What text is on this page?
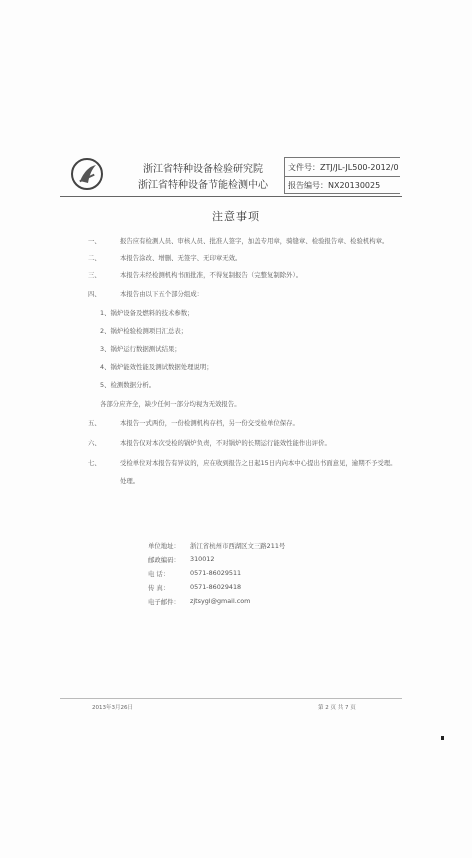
浙江省特种设备检验研究院
浙江省特种设备节能检测中心
文件号：ZTJ/JL-JL500-2012/0
报告编号：NX20130025
注意事项
一、	报告应有检测人员、审核人员、批准人签字，加盖专用章，骑缝章、检验报告章、检验机构章。
二、	本报告涂改、增删、无签字、无印章无效。
三、	本报告未经检测机构书面批准，不得复制报告（完整复制除外）。
四、	本报告由以下五个部分组成：
1、锅炉设备及燃料的技术参数；
2、锅炉检验检测项目汇总表；
3、锅炉运行数据测试结果；
4、锅炉能效性能及测试数据处理说明；
5、检测数据分析。
各部分应齐全，缺少任何一部分均视为无效报告。
五、	本报告一式两份，一份检测机构存档，另一份交受检单位保存。
六、	本报告仅对本次受检的锅炉负责，不对锅炉的长期运行能效性能作出评价。
七、	受检单位对本报告有异议的，应在收到报告之日起15日内向本中心提出书面意见，逾期不予受理。
处理。
单位地址： 浙江省杭州市西湖区文三路211号
邮政编码： 310012
电 话：	0571-86029511
传 真：	0571-86029418
电子邮件： zjtsygl@gmail.com
2013年3月26日	第 2 页 共 7 页
